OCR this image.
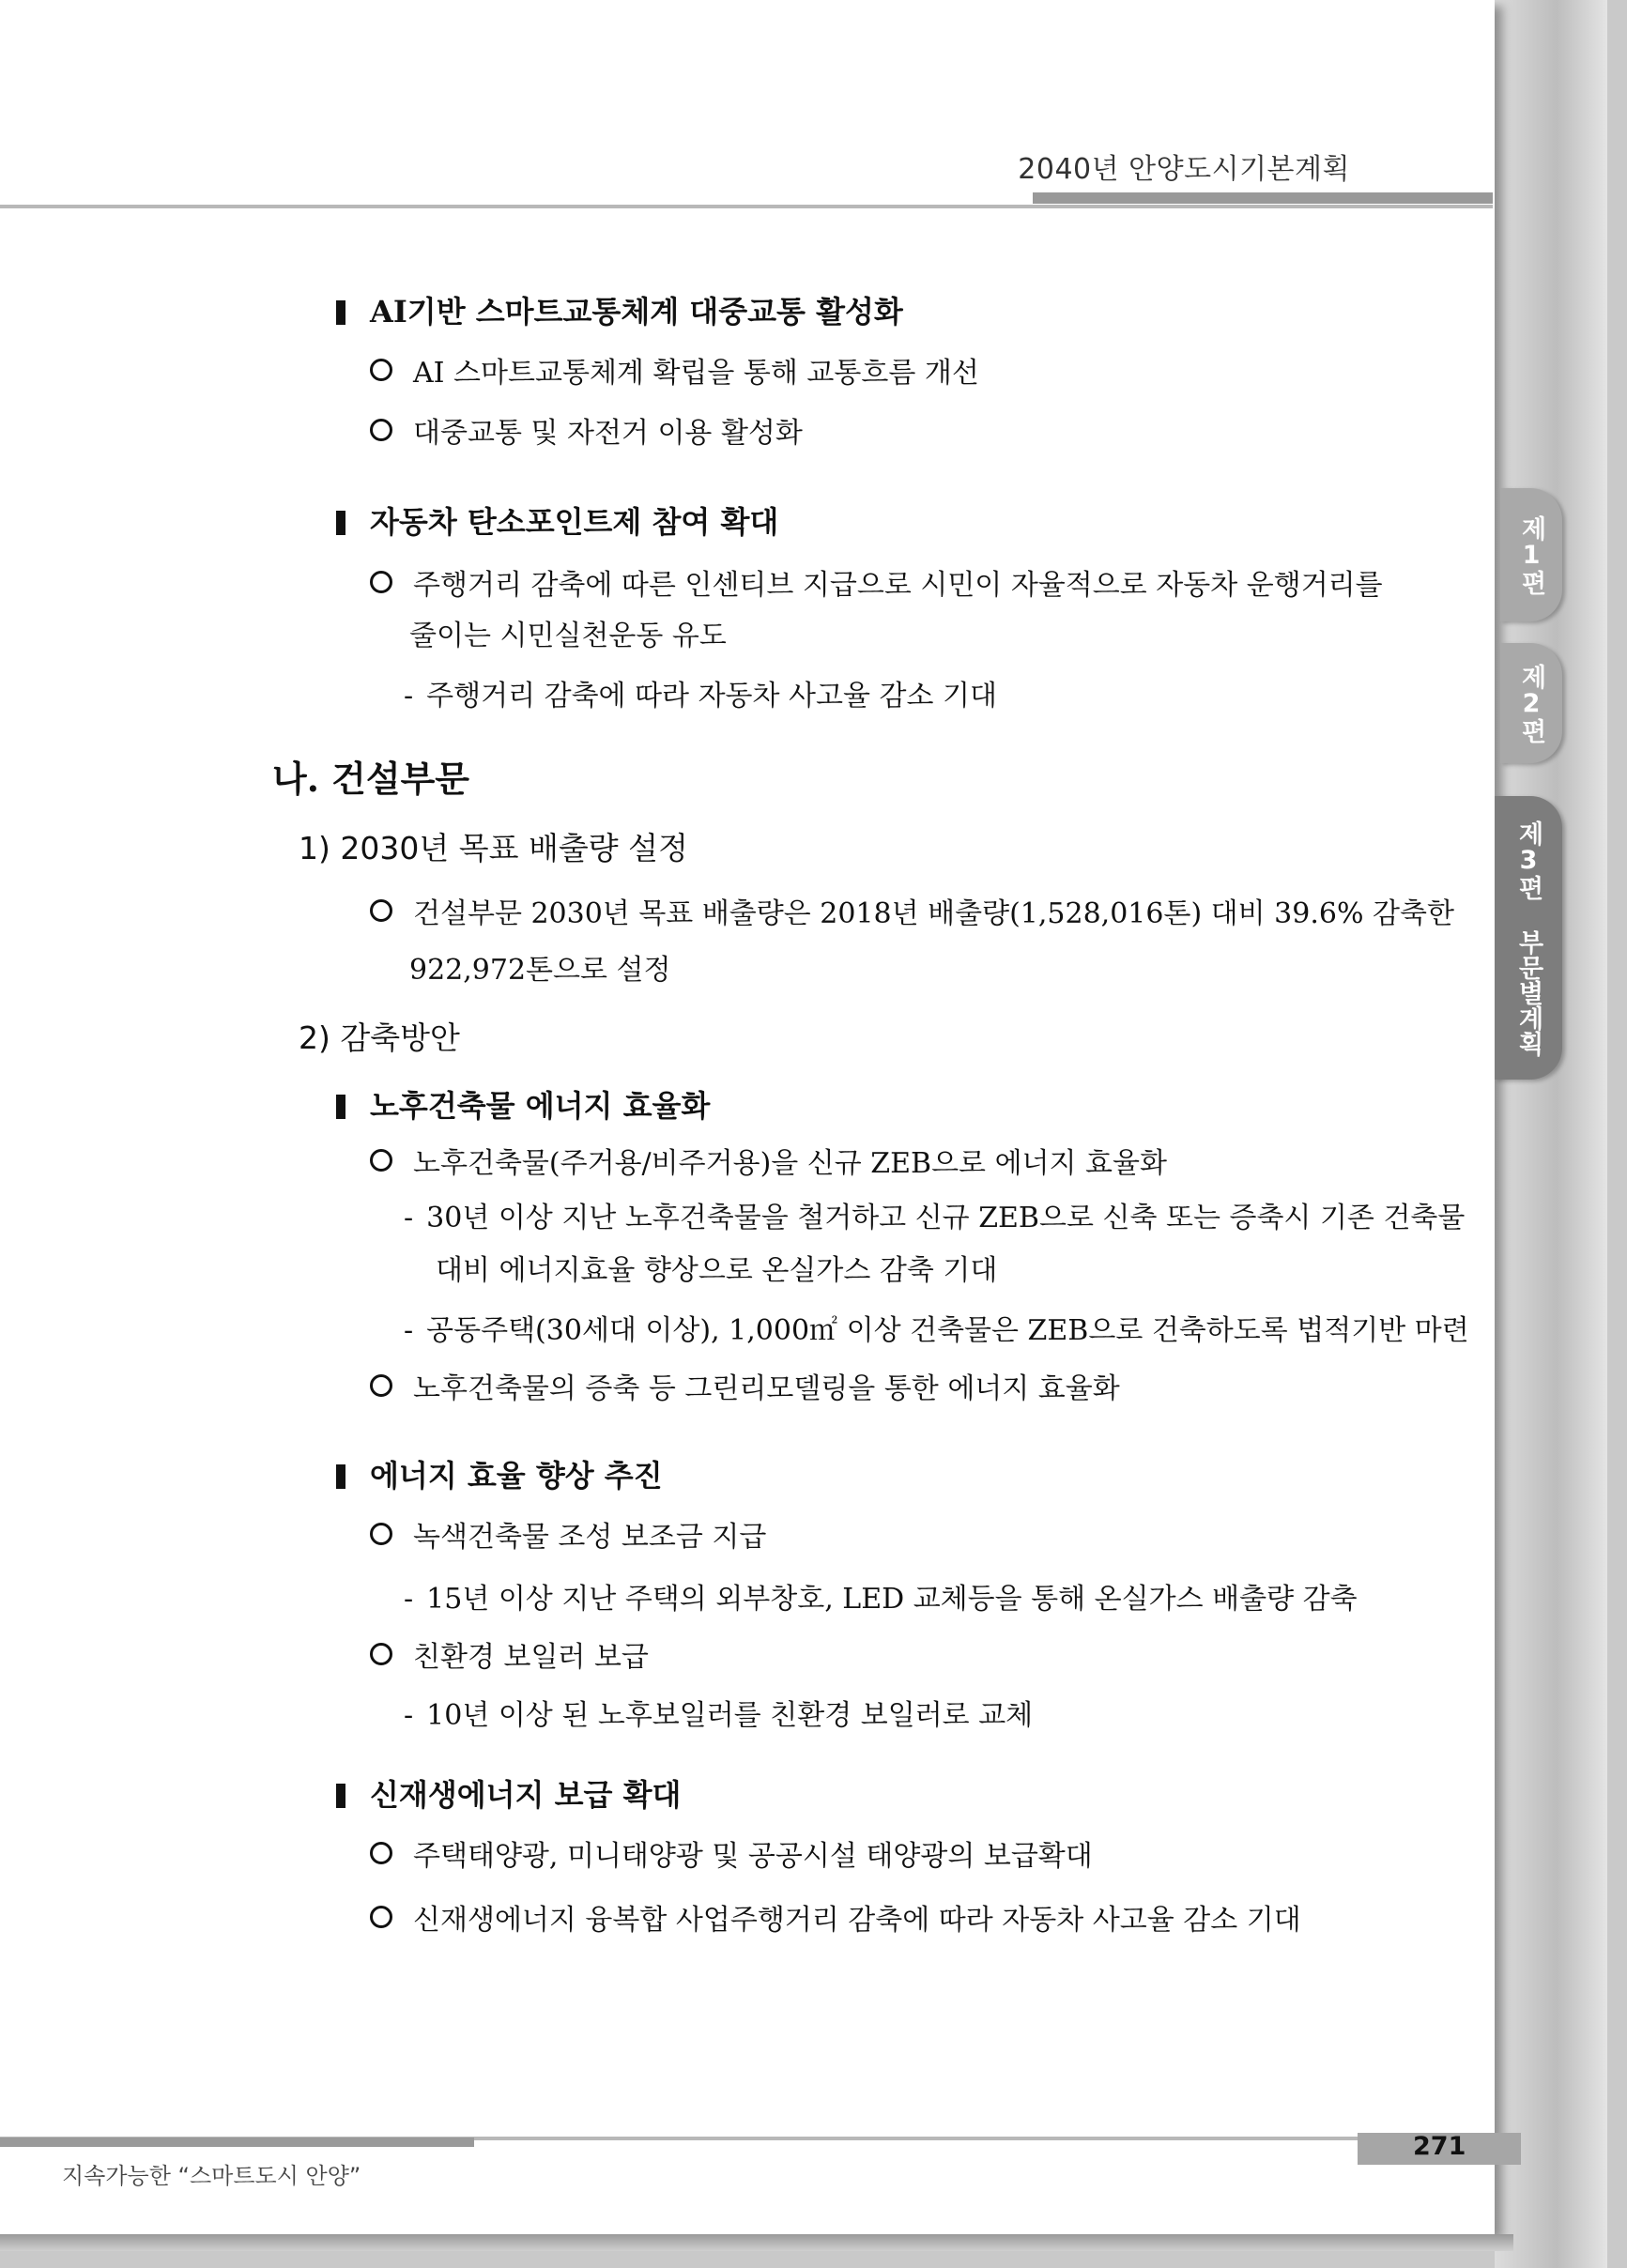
2040년 안양도시기본계획
AI기반 스마트교통체계 대중교통 활성화
AI 스마트교통체계 확립을 통해 교통흐름 개선
대중교통 및 자전거 이용 활성화
자동차 탄소포인트제 참여 확대
주행거리 감축에 따른 인센티브 지급으로 시민이 자율적으로 자동차 운행거리를
줄이는 시민실천운동 유도
- 주행거리 감축에 따라 자동차 사고율 감소 기대
나. 건설부문
1) 2030년 목표 배출량 설정
건설부문 2030년 목표 배출량은 2018년 배출량(1,528,016톤) 대비 39.6% 감축한
922,972톤으로 설정
2) 감축방안
노후건축물 에너지 효율화
노후건축물(주거용/비주거용)을 신규 ZEB으로 에너지 효율화
- 30년 이상 지난 노후건축물을 철거하고 신규 ZEB으로 신축 또는 증축시 기존 건축물
대비 에너지효율 향상으로 온실가스 감축 기대
- 공동주택(30세대 이상), 1,000㎡ 이상 건축물은 ZEB으로 건축하도록 법적기반 마련
노후건축물의 증축 등 그린리모델링을 통한 에너지 효율화
에너지 효율 향상 추진
녹색건축물 조성 보조금 지급
- 15년 이상 지난 주택의 외부창호, LED 교체등을 통해 온실가스 배출량 감축
친환경 보일러 보급
- 10년 이상 된 노후보일러를 친환경 보일러로 교체
신재생에너지 보급 확대
주택태양광, 미니태양광 및 공공시설 태양광의 보급확대
신재생에너지 융복합 사업주행거리 감축에 따라 자동차 사고율 감소 기대
271
지속가능한 “스마트도시 안양”
제1편
제2편
제3편 부문별계획
